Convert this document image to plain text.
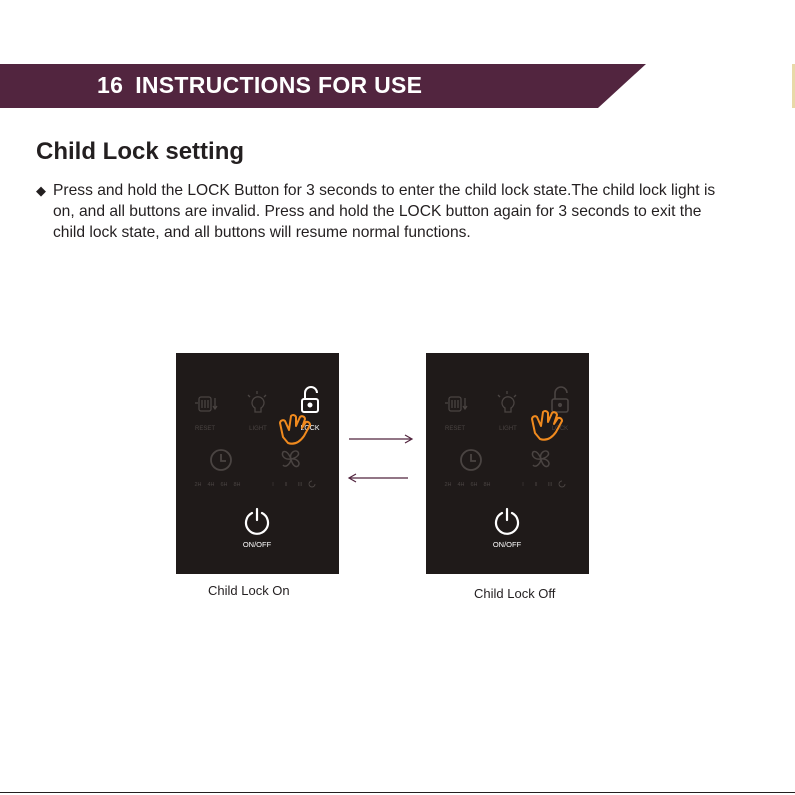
16 INSTRUCTIONS FOR USE
Child Lock setting
◆ Press and hold the LOCK Button for 3 seconds to enter the child lock state.The child lock light is on, and all buttons are invalid. Press and hold the LOCK button again for 3 seconds to exit the child lock state, and all buttons will resume normal functions.
RESET	LIGHT	LOCK
2H 4H 6H 8H	I II III
ON/OFF
RESET	LIGHT	LOCK
2H 4H 6H 8H	I II III
ON/OFF
Child Lock On	Child Lock Off
